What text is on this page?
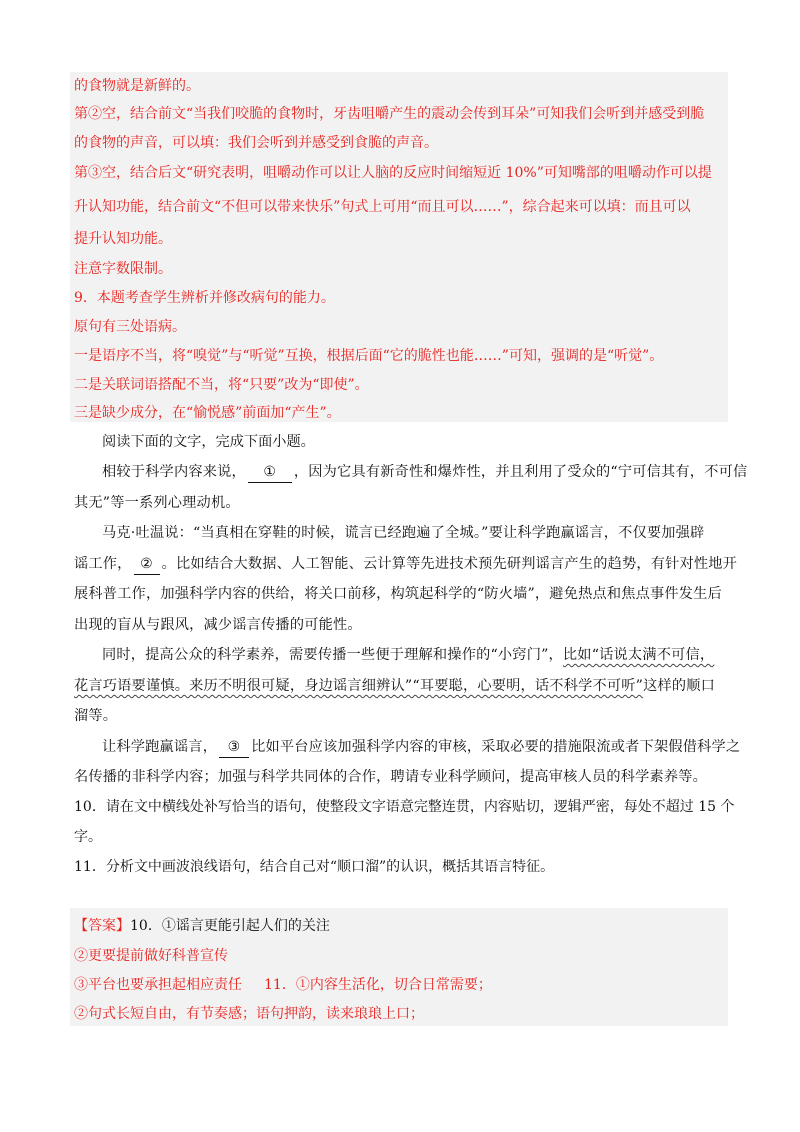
的食物就是新鲜的。
第②空，结合前文“当我们咬脆的食物时，牙齿咀嚼产生的震动会传到耳朵”可知我们会听到并感受到脆
的食物的声音，可以填：我们会听到并感受到食脆的声音。
第③空，结合后文“研究表明，咀嚼动作可以让人脑的反应时间缩短近 10%”可知嘴部的咀嚼动作可以提
升认知功能，结合前文“不但可以带来快乐”句式上可用“而且可以……”，综合起来可以填：而且可以
提升认知功能。
注意字数限制。
9．本题考查学生辨析并修改病句的能力。
原句有三处语病。
一是语序不当，将“嗅觉”与“听觉”互换，根据后面“它的脆性也能……”可知，强调的是“听觉”。
二是关联词语搭配不当，将“只要”改为“即使”。
三是缺少成分，在“愉悦感”前面加“产生”。
阅读下面的文字，完成下面小题。
相较于科学内容来说， ① ，因为它具有新奇性和爆炸性，并且利用了受众的“宁可信其有，不可信
其无”等一系列心理动机。
马克·吐温说：“当真相在穿鞋的时候，谎言已经跑遍了全城。”要让科学跑赢谣言，不仅要加强辟
谣工作， ② 。比如结合大数据、人工智能、云计算等先进技术预先研判谣言产生的趋势，有针对性地开
展科普工作，加强科学内容的供给，将关口前移，构筑起科学的“防火墙”，避免热点和焦点事件发生后
出现的盲从与跟风，减少谣言传播的可能性。
同时，提高公众的科学素养，需要传播一些便于理解和操作的“小窍门”，比如“话说太满不可信，
花言巧语要谨慎。来历不明很可疑，身边谣言细辨认”“耳要聪，心要明，话不科学不可听”这样的顺口
溜等。
让科学跑赢谣言， ③ 比如平台应该加强科学内容的审核，采取必要的措施限流或者下架假借科学之
名传播的非科学内容；加强与科学共同体的合作，聘请专业科学顾问，提高审核人员的科学素养等。
10．请在文中横线处补写恰当的语句，使整段文字语意完整连贯，内容贴切，逻辑严密，每处不超过 15 个
字。
11．分析文中画波浪线语句，结合自己对“顺口溜”的认识，概括其语言特征。
【答案】10．①谣言更能引起人们的关注
②更要提前做好科普宣传
③平台也要承担起相应责任 11．①内容生活化，切合日常需要；
②句式长短自由，有节奏感；语句押韵，读来琅琅上口；
